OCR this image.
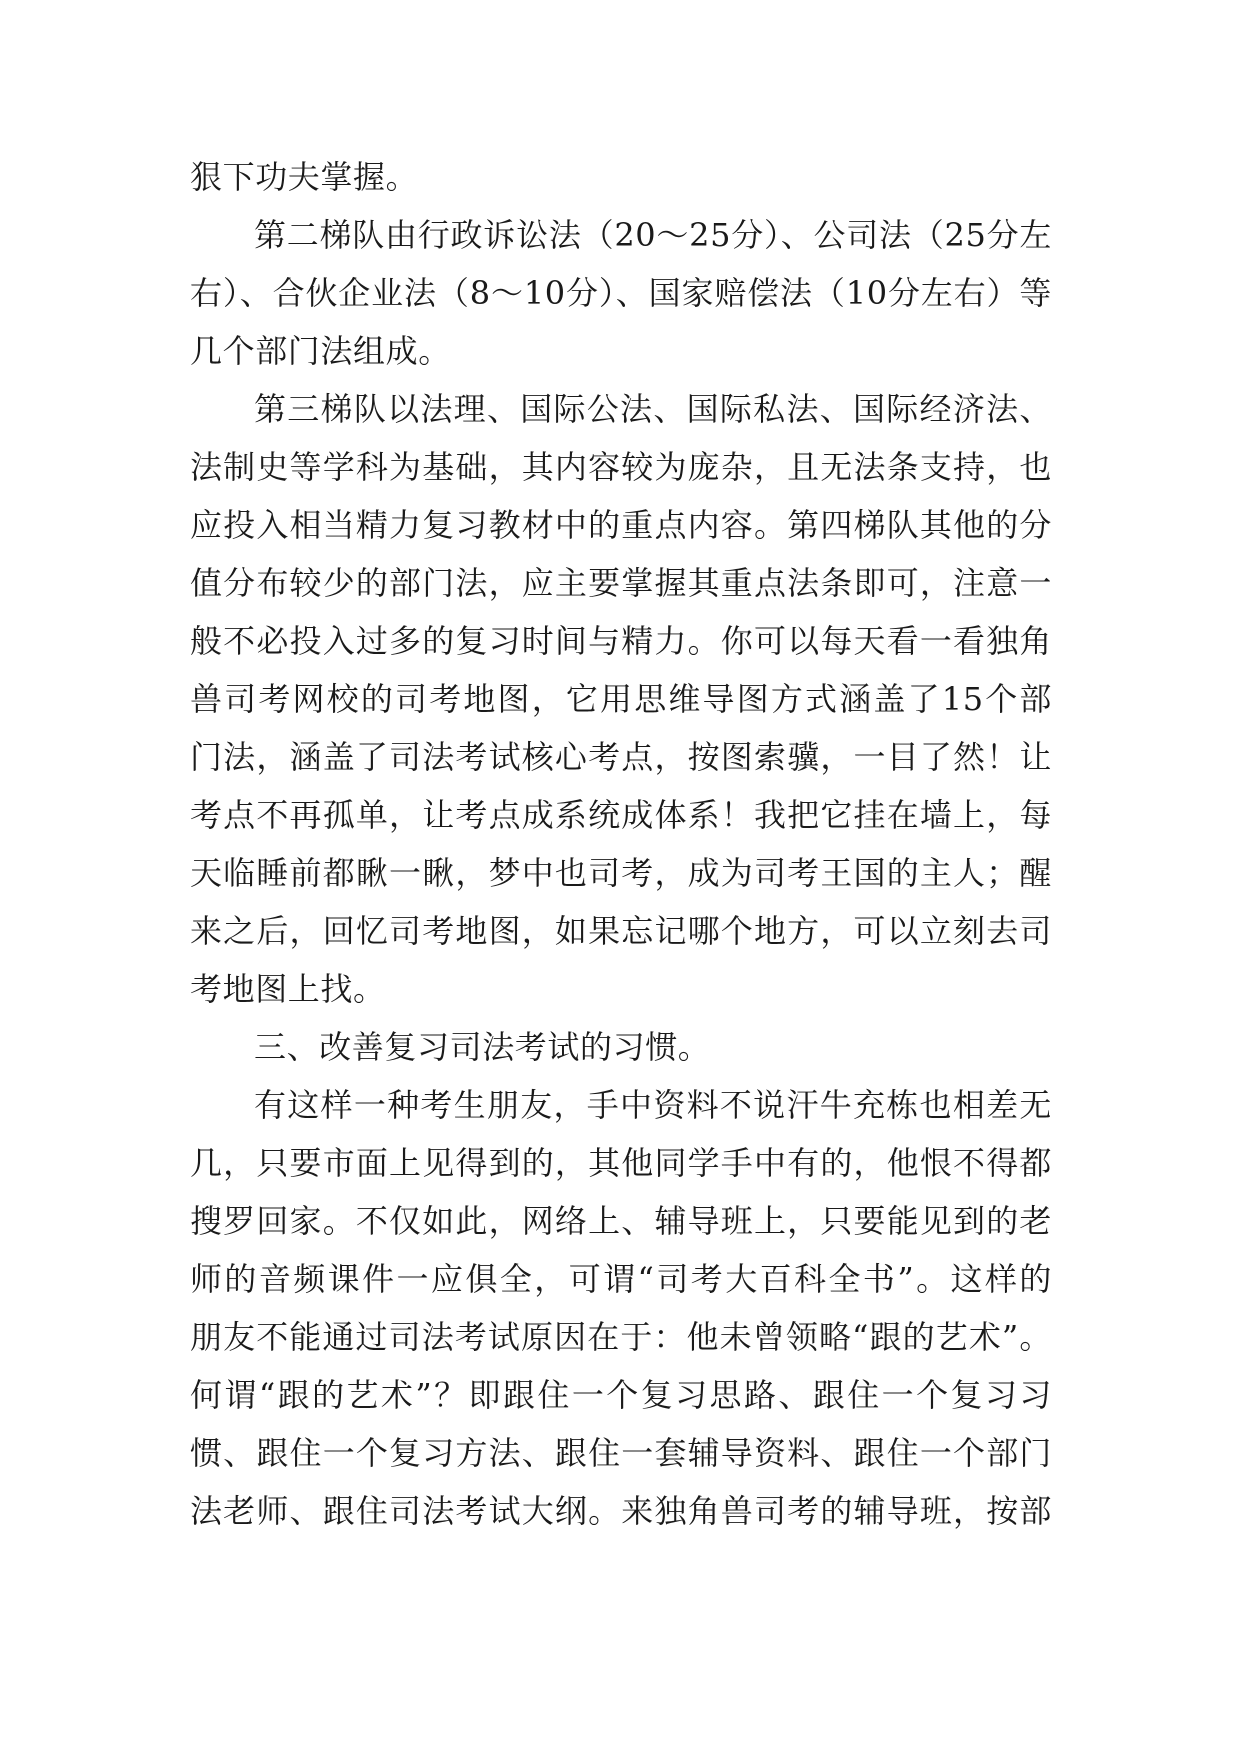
狠下功夫掌握。
第二梯队由行政诉讼法（20～25分）、公司法（25分左
右）、合伙企业法（8～10分）、国家赔偿法（10分左右）等
几个部门法组成。
第三梯队以法理、国际公法、国际私法、国际经济法、
法制史等学科为基础，其内容较为庞杂，且无法条支持，也
应投入相当精力复习教材中的重点内容。第四梯队其他的分
值分布较少的部门法，应主要掌握其重点法条即可，注意一
般不必投入过多的复习时间与精力。你可以每天看一看独角
兽司考网校的司考地图，它用思维导图方式涵盖了15个部
门法，涵盖了司法考试核心考点，按图索骥，一目了然！让
考点不再孤单，让考点成系统成体系！我把它挂在墙上，每
天临睡前都瞅一瞅，梦中也司考，成为司考王国的主人；醒
来之后，回忆司考地图，如果忘记哪个地方，可以立刻去司
考地图上找。
三、改善复习司法考试的习惯。
有这样一种考生朋友，手中资料不说汗牛充栋也相差无
几，只要市面上见得到的，其他同学手中有的，他恨不得都
搜罗回家。不仅如此，网络上、辅导班上，只要能见到的老
师的音频课件一应俱全，可谓“司考大百科全书”。这样的
朋友不能通过司法考试原因在于：他未曾领略“跟的艺术”。
何谓“跟的艺术”？即跟住一个复习思路、跟住一个复习习
惯、跟住一个复习方法、跟住一套辅导资料、跟住一个部门
法老师、跟住司法考试大纲。来独角兽司考的辅导班，按部
